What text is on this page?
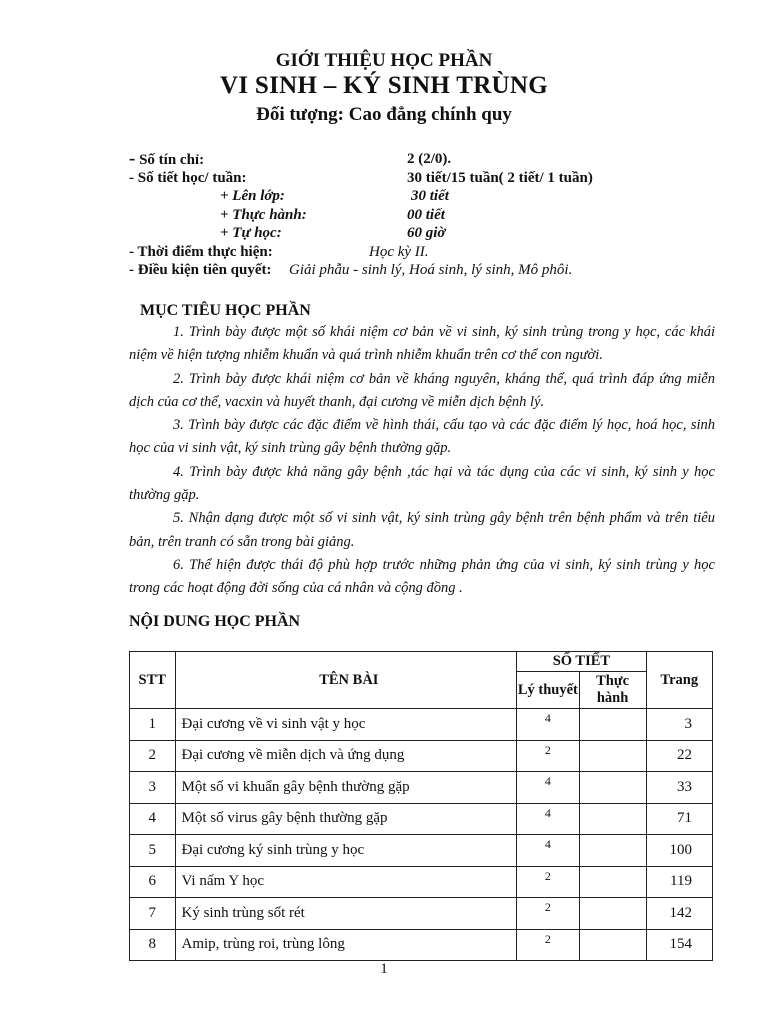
GIỚI THIỆU HỌC PHẦN
VI SINH – KÝ SINH TRÙNG
Đối tượng: Cao đẳng chính quy
- Số tín chỉ:	2 (2/0).
- Số tiết học/ tuần:	30 tiết/15 tuần( 2 tiết/ 1 tuần)
+ Lên lớp:	30 tiết
+ Thực hành:	00 tiết
+ Tự học:	60 giờ
- Thời điểm thực hiện:	Học kỳ II.
- Điều kiện tiên quyết: Giải phẫu - sinh lý, Hoá sinh, lý sinh, Mô phôi.
MỤC TIÊU HỌC PHẦN

1. Trình bày được một số khái niệm cơ bản về vi sinh, ký sinh trùng trong y học, các khái niệm về hiện tượng nhiễm khuẩn và quá trình nhiễm khuẩn trên cơ thể con người.

2. Trình bày được khái niệm cơ bản về kháng nguyên, kháng thể, quá trình đáp ứng miễn dịch của cơ thể, vacxin và huyết thanh, đại cương về miễn dịch bệnh lý.

3. Trình bày được các đặc điểm về hình thái, cấu tạo và các đặc điểm lý học, hoá học, sinh học của vi sinh vật, ký sinh trùng gây bệnh thường gặp.

4. Trình bày được khả năng gây bệnh ,tác hại và tác dụng của các vi sinh, ký sinh y học thường gặp.

5. Nhận dạng được một số vi sinh vật, ký sinh trùng gây bệnh trên bệnh phẩm và trên tiêu bản, trên tranh có sẵn trong bài giảng.

6. Thể hiện được thái độ phù hợp trước những phản ứng của vi sinh, ký sinh trùng y học trong các hoạt động đời sống của cá nhân và cộng đồng .

NỘI DUNG HỌC PHẦN
STT	TÊN BÀI	SỐ TIẾT		Trang
		Lý thuyết	Thực hành	
1	Đại cương về vi sinh vật y học	4		3
2	Đại cương về miễn dịch và ứng dụng	2		22
3	Một số vi khuẩn gây bệnh thường gặp	4		33
4	Một số virus gây bệnh thường gặp	4		71
5	Đại cương ký sinh trùng y học	4		100
6	Vi nấm Y học	2		119
7	Ký sinh trùng sốt rét	2		142
8	Amip, trùng roi, trùng lông	2		154
1
